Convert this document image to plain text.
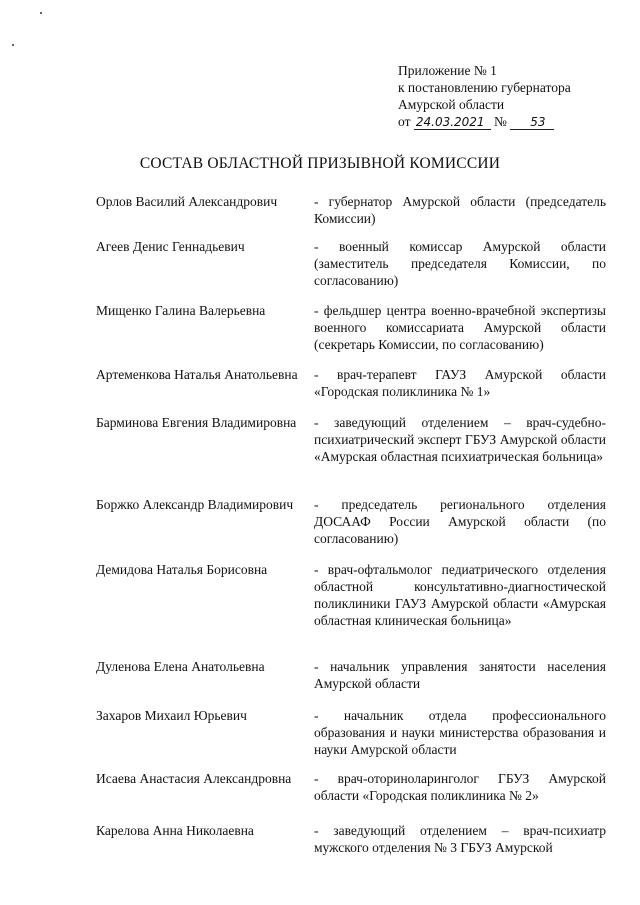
Приложение № 1
к постановлению губернатора
Амурской области
от 24.03.2021 № 53
СОСТАВ ОБЛАСТНОЙ ПРИЗЫВНОЙ КОМИССИИ
Орлов Василий Александрович	- губернатор Амурской области (председатель Комиссии)
Агеев Денис Геннадьевич	- военный комиссар Амурской области (заместитель председателя Комиссии, по согласованию)
Мищенко Галина Валерьевна	- фельдшер центра военно-врачебной экспертизы военного комиссариата Амурской области (секретарь Комиссии, по согласованию)
Артеменкова Наталья Анатольевна	- врач-терапевт ГАУЗ Амурской области «Городская поликлиника № 1»
Барминова Евгения Владимировна	- заведующий отделением – врач-судебно-психиатрический эксперт ГБУЗ Амурской области «Амурская областная психиатрическая больница»
Боржко Александр Владимирович	- председатель регионального отделения ДОСААФ России Амурской области (по согласованию)
Демидова Наталья Борисовна	- врач-офтальмолог педиатрического отделения областной консультативно-диагностической поликлиники ГАУЗ Амурской области «Амурская областная клиническая больница»
Дуленова Елена Анатольевна	- начальник управления занятости населения Амурской области
Захаров Михаил Юрьевич	- начальник отдела профессионального образования и науки министерства образования и науки Амурской области
Исаева Анастасия Александровна	- врач-оториноларинголог ГБУЗ Амурской области «Городская поликлиника № 2»
Карелова Анна Николаевна	- заведующий отделением – врач-психиатр мужского отделения № 3 ГБУЗ Амурской
